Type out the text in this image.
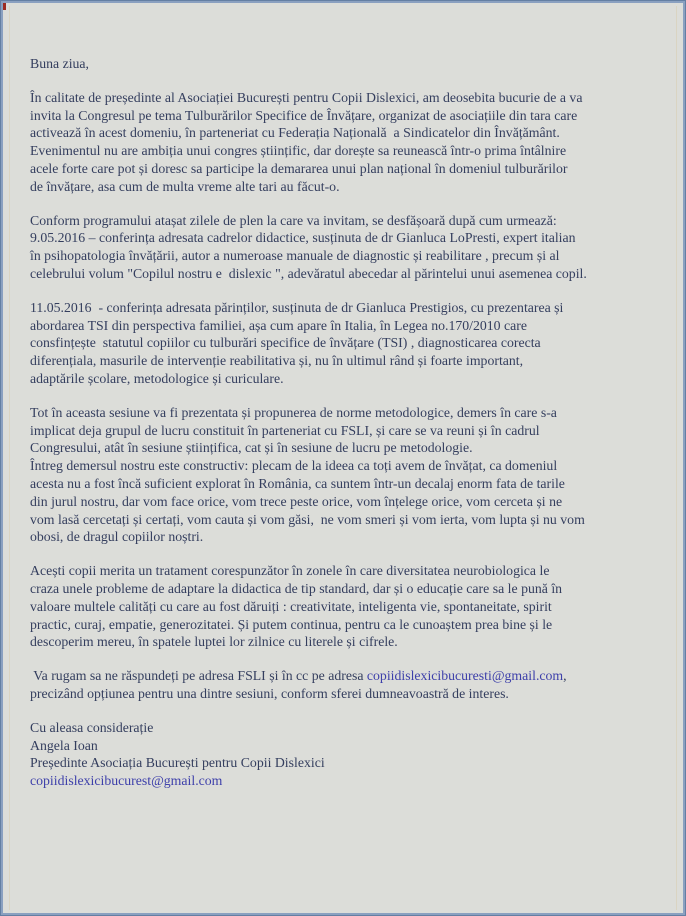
Buna ziua,
În calitate de președinte al Asociației București pentru Copii Dislexici, am deosebita bucurie de a va
invita la Congresul pe tema Tulburărilor Specifice de Învățare, organizat de asociațiile din tara care
activează în acest domeniu, în parteneriat cu Federația Națională  a Sindicatelor din Învățământ.
Evenimentul nu are ambiția unui congres științific, dar dorește sa reunească într-o prima întâlnire
acele forte care pot și doresc sa participe la demararea unui plan național în domeniul tulburărilor
de învățare, asa cum de multa vreme alte tari au făcut-o.
Conform programului atașat zilele de plen la care va invitam, se desfășoară după cum urmează:
9.05.2016 – conferința adresata cadrelor didactice, susținuta de dr Gianluca LoPresti, expert italian
în psihopatologia învățării, autor a numeroase manuale de diagnostic și reabilitare , precum și al
celebrului volum "Copilul nostru e  dislexic ", adevăratul abecedar al părintelui unui asemenea copil.
11.05.2016  - conferința adresata părinților, susținuta de dr Gianluca Prestigios, cu prezentarea și
abordarea TSI din perspectiva familiei, așa cum apare în Italia, în Legea no.170/2010 care
consfințește  statutul copiilor cu tulburări specifice de învățare (TSI) , diagnosticarea corecta
diferențiala, masurile de intervenție reabilitativa și, nu în ultimul rând și foarte important,
adaptările școlare, metodologice și curiculare.
Tot în aceasta sesiune va fi prezentata și propunerea de norme metodologice, demers în care s-a
implicat deja grupul de lucru constituit în parteneriat cu FSLI, și care se va reuni și în cadrul
Congresului, atât în sesiune științifica, cat și în sesiune de lucru pe metodologie.
Întreg demersul nostru este constructiv: plecam de la ideea ca toți avem de învățat, ca domeniul
acesta nu a fost încă suficient explorat în România, ca suntem într-un decalaj enorm fata de tarile
din jurul nostru, dar vom face orice, vom trece peste orice, vom înțelege orice, vom cerceta și ne
vom lasă cercetați și certați, vom cauta și vom găsi,  ne vom smeri și vom ierta, vom lupta și nu vom
obosi, de dragul copiilor noștri.
Acești copii merita un tratament corespunzător în zonele în care diversitatea neurobiologica le
craza unele probleme de adaptare la didactica de tip standard, dar și o educație care sa le pună în
valoare multele calități cu care au fost dăruiți : creativitate, inteligenta vie, spontaneitate, spirit
practic, curaj, empatie, generozitatei. Și putem continua, pentru ca le cunoaștem prea bine și le
descoperim mereu, în spatele luptei lor zilnice cu literele și cifrele.
Va rugam sa ne răspundeți pe adresa FSLI și în cc pe adresa copiidislexicibucuresti@gmail.com,
precizând opțiunea pentru una dintre sesiuni, conform sferei dumneavoastră de interes.
Cu aleasa considerație
Angela Ioan
Președinte Asociația București pentru Copii Dislexici
copiidislexicibucurest@gmail.com
